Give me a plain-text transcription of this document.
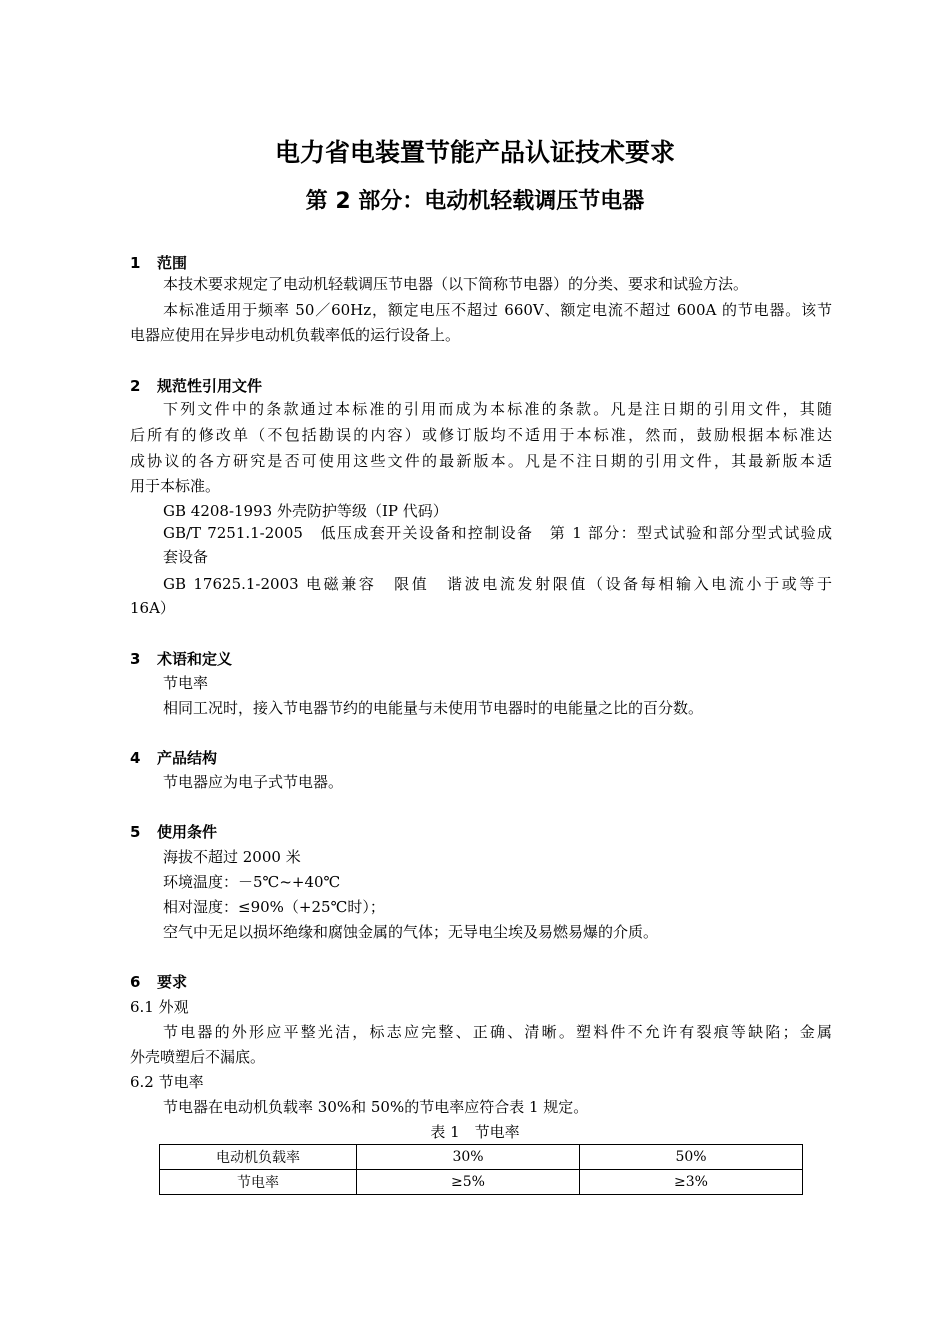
电力省电装置节能产品认证技术要求
第 2 部分：电动机轻载调压节电器
1 范围
本技术要求规定了电动机轻载调压节电器（以下简称节电器）的分类、要求和试验方法。
本标准适用于频率 50／60Hz，额定电压不超过 660V、额定电流不超过 600A 的节电器。该节
电器应使用在异步电动机负载率低的运行设备上。
2 规范性引用文件
下列文件中的条款通过本标准的引用而成为本标准的条款。凡是注日期的引用文件，其随
后所有的修改单（不包括勘误的内容）或修订版均不适用于本标准，然而，鼓励根据本标准达
成协议的各方研究是否可使用这些文件的最新版本。凡是不注日期的引用文件，其最新版本适
用于本标准。
GB 4208-1993 外壳防护等级（IP 代码）
GB/T 7251.1-2005　低压成套开关设备和控制设备　第 1 部分：型式试验和部分型式试验成
套设备
GB 17625.1-2003 电磁兼容　限值　谐波电流发射限值（设备每相输入电流小于或等于
16A）
3 术语和定义
节电率
相同工况时，接入节电器节约的电能量与未使用节电器时的电能量之比的百分数。
4 产品结构
节电器应为电子式节电器。
5 使用条件
海拔不超过 2000 米
环境温度：－5℃~+40℃
相对湿度：≤90%（+25℃时）；
空气中无足以损坏绝缘和腐蚀金属的气体；无导电尘埃及易燃易爆的介质。
6 要求
6.1 外观
节电器的外形应平整光洁，标志应完整、正确、清晰。塑料件不允许有裂痕等缺陷；金属
外壳喷塑后不漏底。
6.2 节电率
节电器在电动机负载率 30%和 50%的节电率应符合表 1 规定。
表 1　节电率
电动机负载率	30%	50%
节电率	≥5%	≥3%
